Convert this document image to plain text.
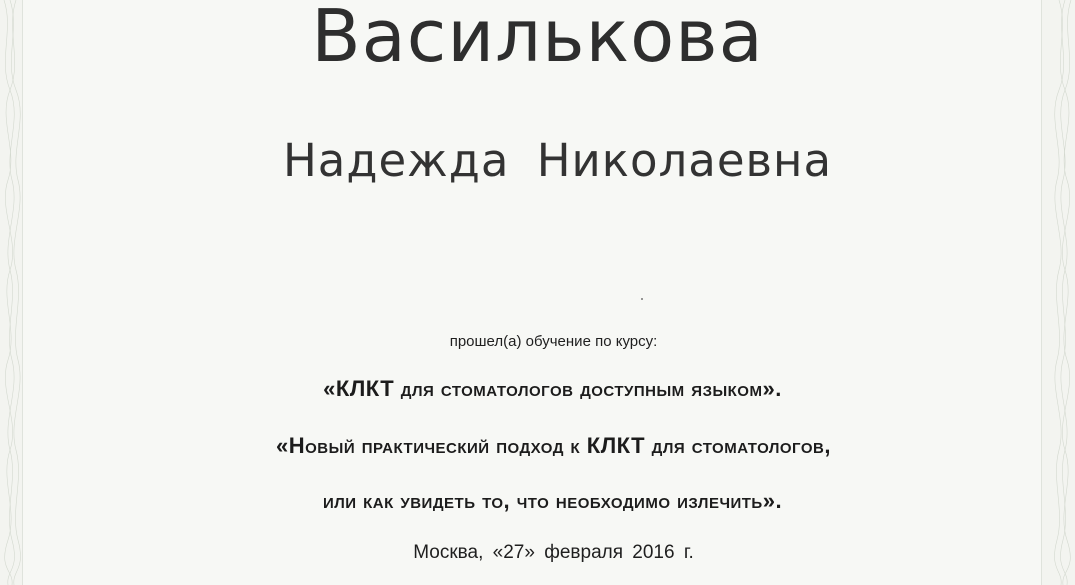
Василькова
Надежда Николаевна
прошел(а) обучение по курсу:
«КЛКТ для стоматологов доступным языком».
«Новый практический подход к КЛКТ для стоматологов,
или как увидеть то, что необходимо излечить».
Москва, «27» февраля 2016 г.
